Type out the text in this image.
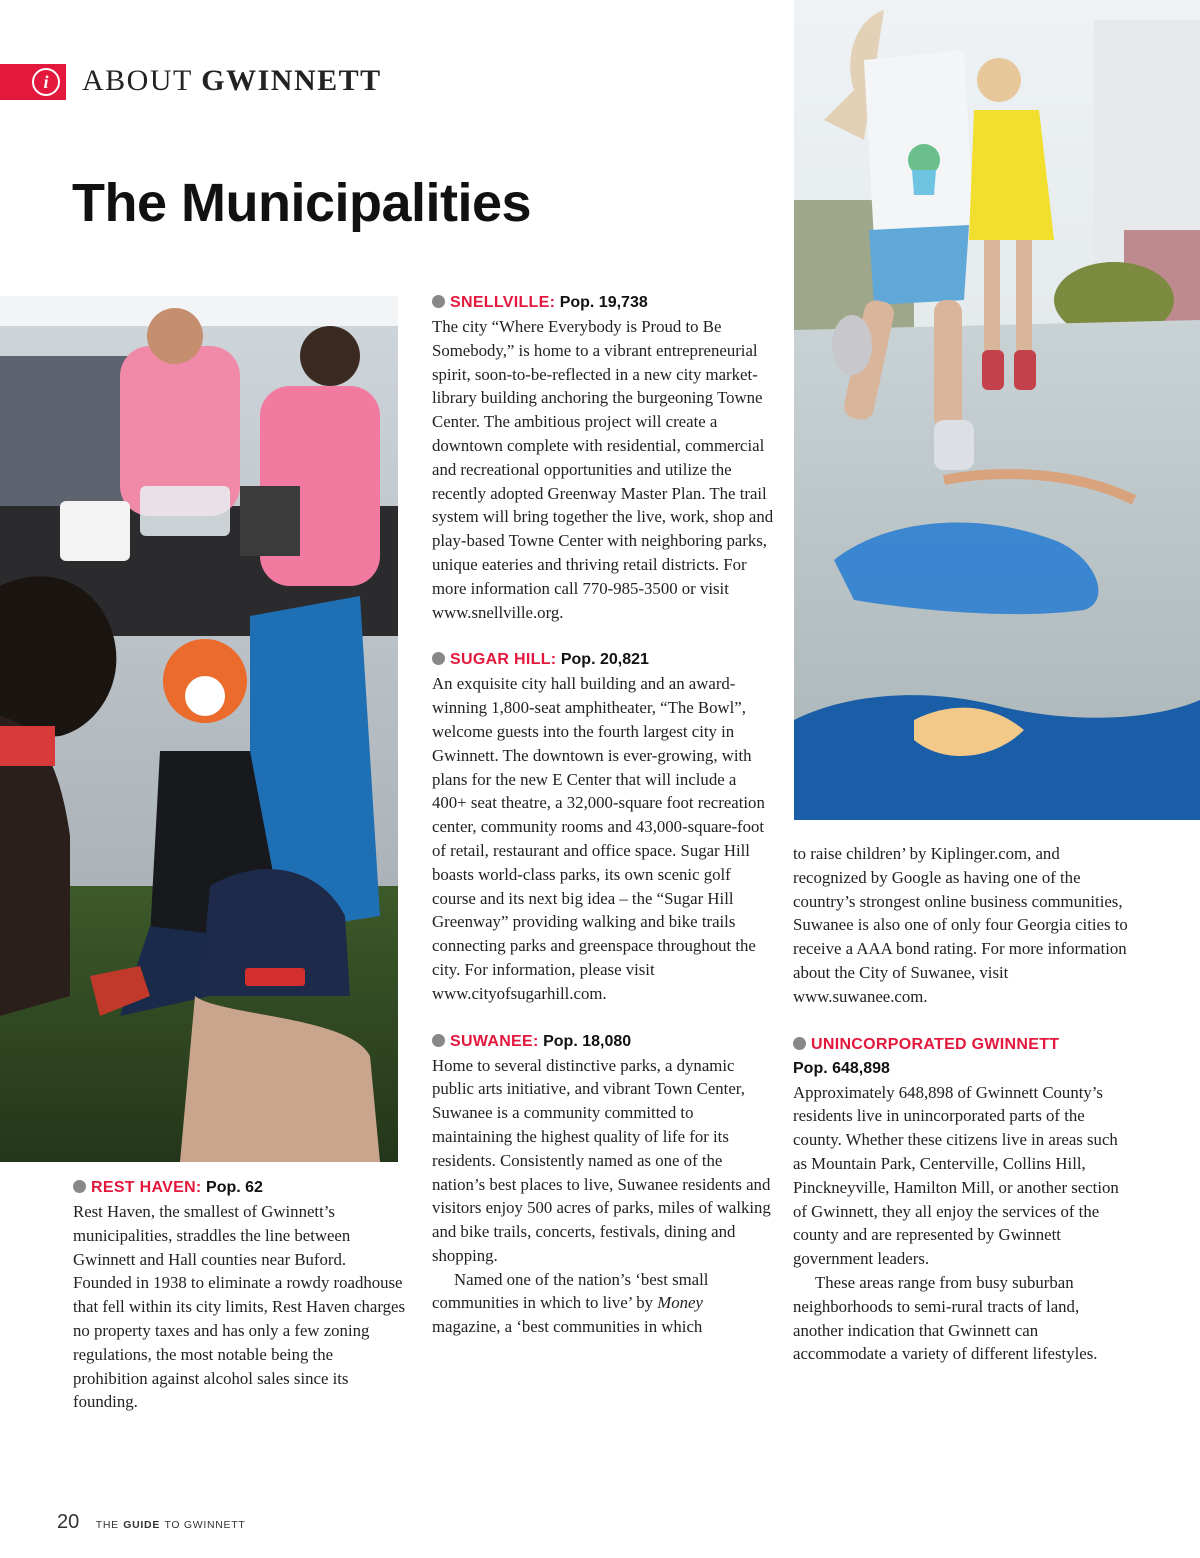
i	ABOUT GWINNETT
The Municipalities
SNELLVILLE: Pop. 19,738

The city “Where Everybody is Proud to Be Somebody,” is home to a vibrant entrepreneurial spirit, soon-to-be-reflected in a new city market-library building anchoring the burgeoning Towne Center. The ambitious project will create a downtown complete with residential, commercial and recreational opportunities and utilize the recently adopted Greenway Master Plan. The trail system will bring together the live, work, shop and play-based Towne Center with neighboring parks, unique eateries and thriving retail districts. For more information call 770-985-3500 or visit www.snellville.org.

SUGAR HILL: Pop. 20,821

An exquisite city hall building and an award-winning 1,800-seat amphitheater, “The Bowl”, welcome guests into the fourth largest city in Gwinnett. The downtown is ever-growing, with plans for the new E Center that will include a 400+ seat theatre, a 32,000-square foot recreation center, community rooms and 43,000-square-foot of retail, restaurant and office space. Sugar Hill boasts world-class parks, its own scenic golf course and its next big idea – the “Sugar Hill Greenway” providing walking and bike trails connecting parks and greenspace throughout the city. For information, please visit www.cityofsugarhill.com.

SUWANEE: Pop. 18,080

Home to several distinctive parks, a dynamic public arts initiative, and vibrant Town Center, Suwanee is a community committed to maintaining the highest quality of life for its residents. Consistently named as one of the nation’s best places to live, Suwanee residents and visitors enjoy 500 acres of parks, miles of walking and bike trails, concerts, festivals, dining and shopping.

Named one of the nation’s ‘best small communities in which to live’ by Money magazine, a ‘best communities in which

REST HAVEN: Pop. 62

Rest Haven, the smallest of Gwinnett’s municipalities, straddles the line between Gwinnett and Hall counties near Buford. Founded in 1938 to eliminate a rowdy roadhouse that fell within its city limits, Rest Haven charges no property taxes and has only a few zoning regulations, the most notable being the prohibition against alcohol sales since its founding.

to raise children’ by Kiplinger.com, and recognized by Google as having one of the country’s strongest online business communities, Suwanee is also one of only four Georgia cities to receive a AAA bond rating. For more information about the City of Suwanee, visit www.suwanee.com.

UNINCORPORATED GWINNETT
Pop. 648,898

Approximately 648,898 of Gwinnett County’s residents live in unincorporated parts of the county. Whether these citizens live in areas such as Mountain Park, Centerville, Collins Hill, Pinckneyville, Hamilton Mill, or another section of Gwinnett, they all enjoy the services of the county and are represented by Gwinnett government leaders.

These areas range from busy suburban neighborhoods to semi-rural tracts of land, another indication that Gwinnett can accommodate a variety of different lifestyles.

20 THE GUIDE TO GWINNETT
